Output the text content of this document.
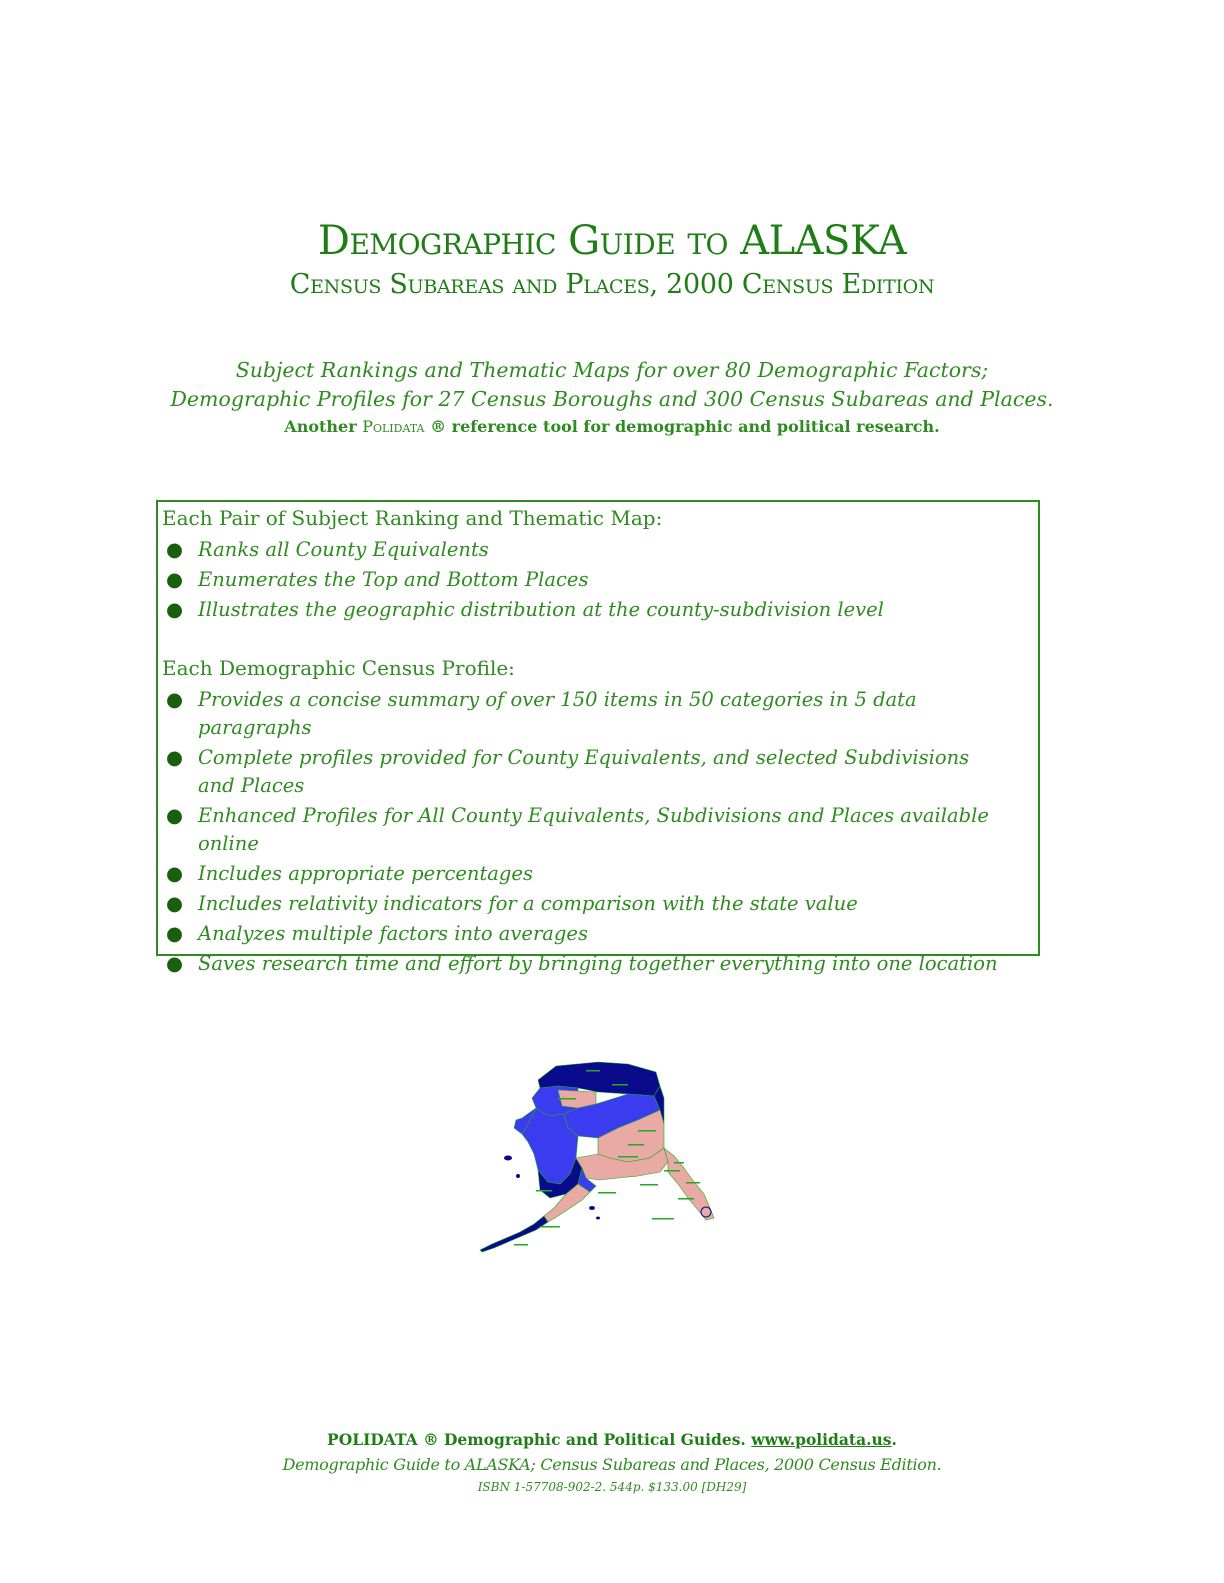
Demographic Guide to ALASKA
Census Subareas and Places, 2000 Census Edition
Subject Rankings and Thematic Maps for over 80 Demographic Factors;
Demographic Profiles for 27 Census Boroughs and 300 Census Subareas and Places.
Another Polidata ® reference tool for demographic and political research.
Each Pair of Subject Ranking and Thematic Map:
● Ranks all County Equivalents
● Enumerates the Top and Bottom Places
● Illustrates the geographic distribution at the county-subdivision level
Each Demographic Census Profile:
● Provides a concise summary of over 150 items in 50 categories in 5 data paragraphs
● Complete profiles provided for County Equivalents, and selected Subdivisions and Places
● Enhanced Profiles for All County Equivalents, Subdivisions and Places available online
● Includes appropriate percentages
● Includes relativity indicators for a comparison with the state value
● Analyzes multiple factors into averages
● Saves research time and effort by bringing together everything into one location
POLIDATA ® Demographic and Political Guides. www.polidata.us.
Demographic Guide to ALASKA; Census Subareas and Places, 2000 Census Edition.
ISBN 1-57708-902-2. 544p. $133.00 [DH29]
